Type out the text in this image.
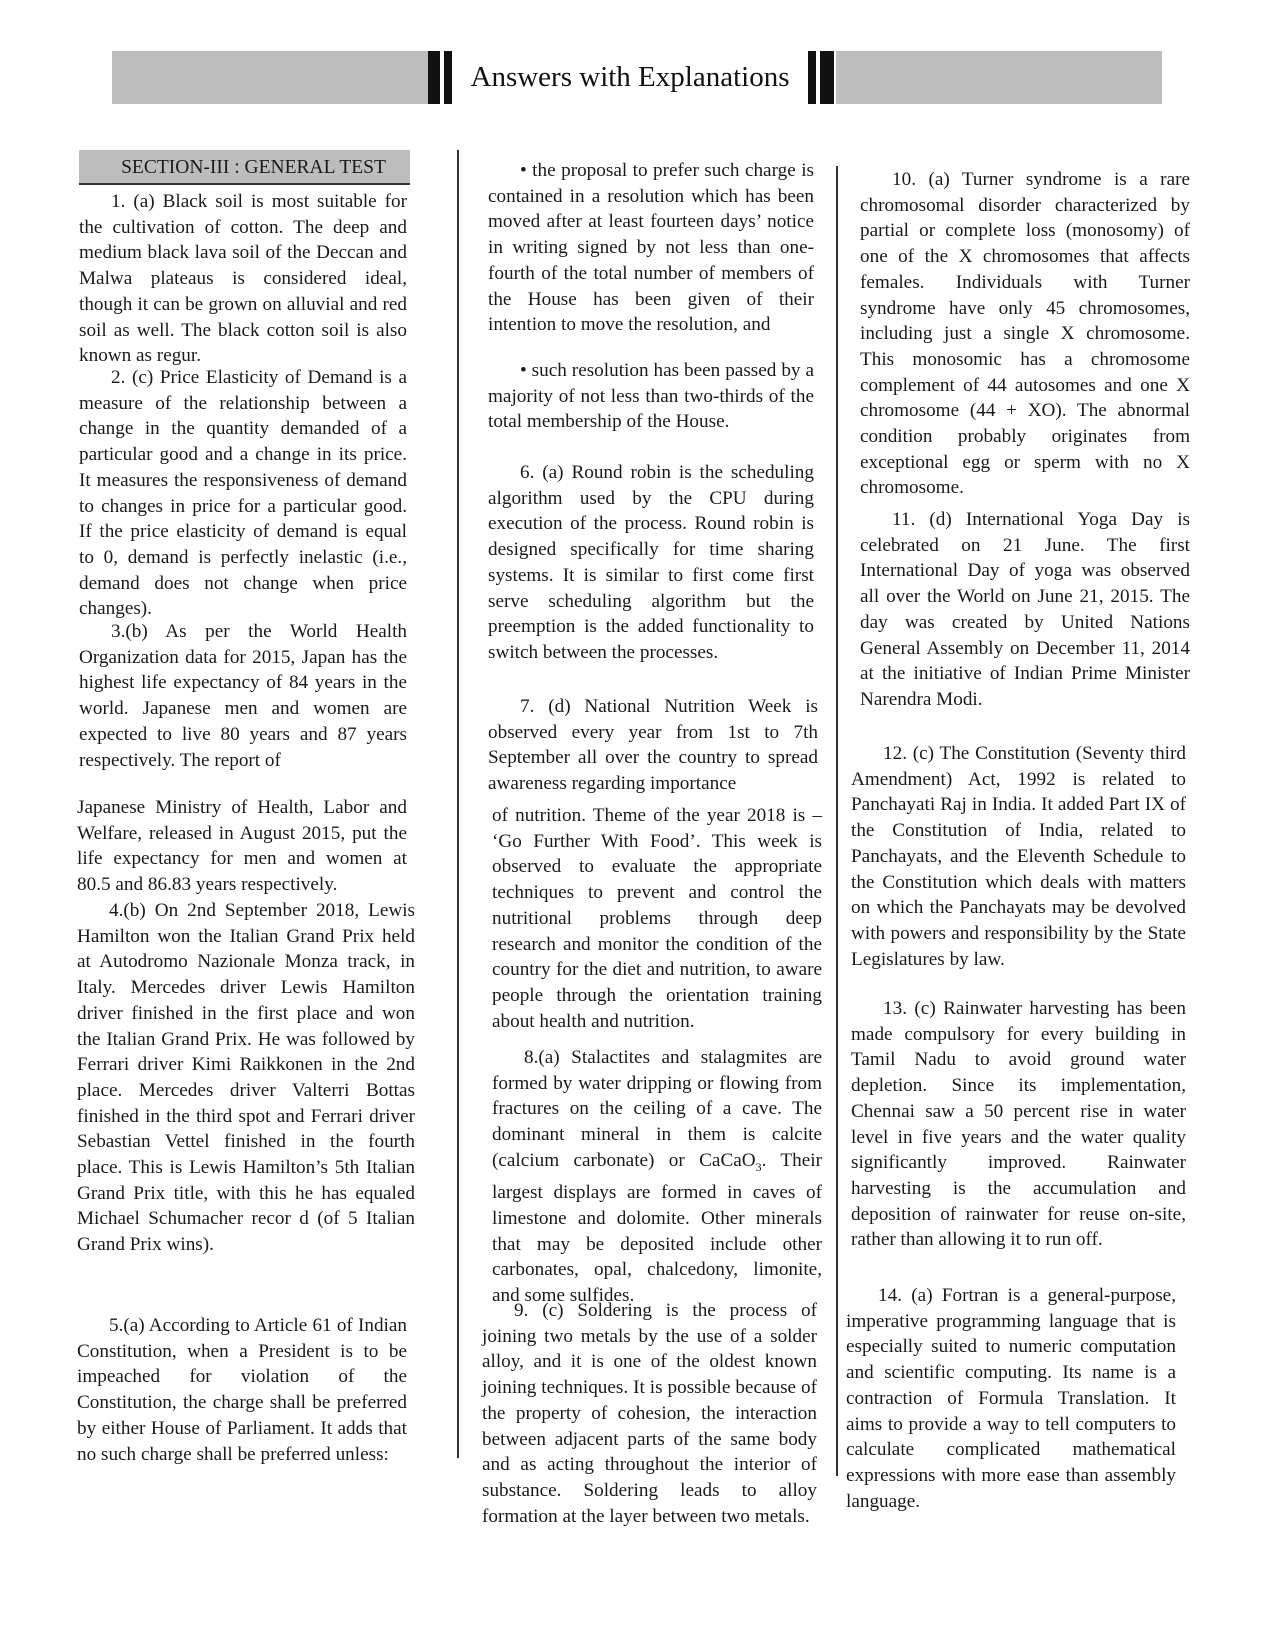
Answers with Explanations
SECTION-III : GENERAL TEST

1. (a) Black soil is most suitable for the cultivation of cotton. The deep and medium black lava soil of the Deccan and Malwa plateaus is considered ideal, though it can be grown on alluvial and red soil as well. The black cotton soil is also known as regur.

2. (c) Price Elasticity of Demand is a measure of the relationship between a change in the quantity demanded of a particular good and a change in its price. It measures the responsiveness of demand to changes in price for a particular good. If the price elasticity of demand is equal to 0, demand is perfectly inelastic (i.e., demand does not change when price changes).

3.(b) As per the World Health Organization data for 2015, Japan has the highest life expectancy of 84 years in the world. Japanese men and women are expected to live 80 years and 87 years respectively. The report of

Japanese Ministry of Health, Labor and Welfare, released in August 2015, put the life expectancy for men and women at 80.5 and 86.83 years respectively.

4.(b) On 2nd September 2018, Lewis Hamilton won the Italian Grand Prix held at Autodromo Nazionale Monza track, in Italy. Mercedes driver Lewis Hamilton driver finished in the first place and won the Italian Grand Prix. He was followed by Ferrari driver Kimi Raikkonen in the 2nd place. Mercedes driver Valterri Bottas finished in the third spot and Ferrari driver Sebastian Vettel finished in the fourth place. This is Lewis Hamilton’s 5th Italian Grand Prix title, with this he has equaled Michael Schumacher recor d (of 5 Italian Grand Prix wins).

5.(a) According to Article 61 of Indian Constitution, when a President is to be impeached for violation of the Constitution, the charge shall be preferred by either House of Parliament. It adds that no such charge shall be preferred unless:

• the proposal to prefer such charge is contained in a resolution which has been moved after at least fourteen days’ notice in writing signed by not less than one-fourth of the total number of members of the House has been given of their intention to move the resolution, and

• such resolution has been passed by a majority of not less than two-thirds of the total membership of the House.

6. (a) Round robin is the scheduling algorithm used by the CPU during execution of the process. Round robin is designed specifically for time sharing systems. It is similar to first come first serve scheduling algorithm but the preemption is the added functionality to switch between the processes.

7. (d) National Nutrition Week is observed every year from 1st to 7th September all over the country to spread awareness regarding importance

of nutrition. Theme of the year 2018 is – ‘Go Further With Food’. This week is observed to evaluate the appropriate techniques to prevent and control the nutritional problems through deep research and monitor the condition of the country for the diet and nutrition, to aware people through the orientation training about health and nutrition.

8.(a) Stalactites and stalagmites are formed by water dripping or flowing from fractures on the ceiling of a cave. The dominant mineral in them is calcite (calcium carbonate) or CaCaO$_3$. Their largest displays are formed in caves of limestone and dolomite. Other minerals that may be deposited include other carbonates, opal, chalcedony, limonite, and some sulfides.

9. (c) Soldering is the process of joining two metals by the use of a solder alloy, and it is one of the oldest known joining techniques. It is possible because of the property of cohesion, the interaction between adjacent parts of the same body and as acting throughout the interior of substance. Soldering leads to alloy formation at the layer between two metals.

10. (a) Turner syndrome is a rare chromosomal disorder characterized by partial or complete loss (monosomy) of one of the X chromosomes that affects females. Individuals with Turner syndrome have only 45 chromosomes, including just a single X chromosome. This monosomic has a chromosome complement of 44 autosomes and one X chromosome (44 + XO). The abnormal condition probably originates from exceptional egg or sperm with no X chromosome.

11. (d) International Yoga Day is celebrated on 21 June. The first International Day of yoga was observed all over the World on June 21, 2015. The day was created by United Nations General Assembly on December 11, 2014 at the initiative of Indian Prime Minister Narendra Modi.

12. (c) The Constitution (Seventy third Amendment) Act, 1992 is related to Panchayati Raj in India. It added Part IX of the Constitution of India, related to Panchayats, and the Eleventh Schedule to the Constitution which deals with matters on which the Panchayats may be devolved with powers and responsibility by the State Legislatures by law.

13. (c) Rainwater harvesting has been made compulsory for every building in Tamil Nadu to avoid ground water depletion. Since its implementation, Chennai saw a 50 percent rise in water level in five years and the water quality significantly improved. Rainwater harvesting is the accumulation and deposition of rainwater for reuse on-site, rather than allowing it to run off.

14. (a) Fortran is a general-purpose, imperative programming language that is especially suited to numeric computation and scientific computing. Its name is a contraction of Formula Translation. It aims to provide a way to tell computers to calculate complicated mathematical expressions with more ease than assembly language.
